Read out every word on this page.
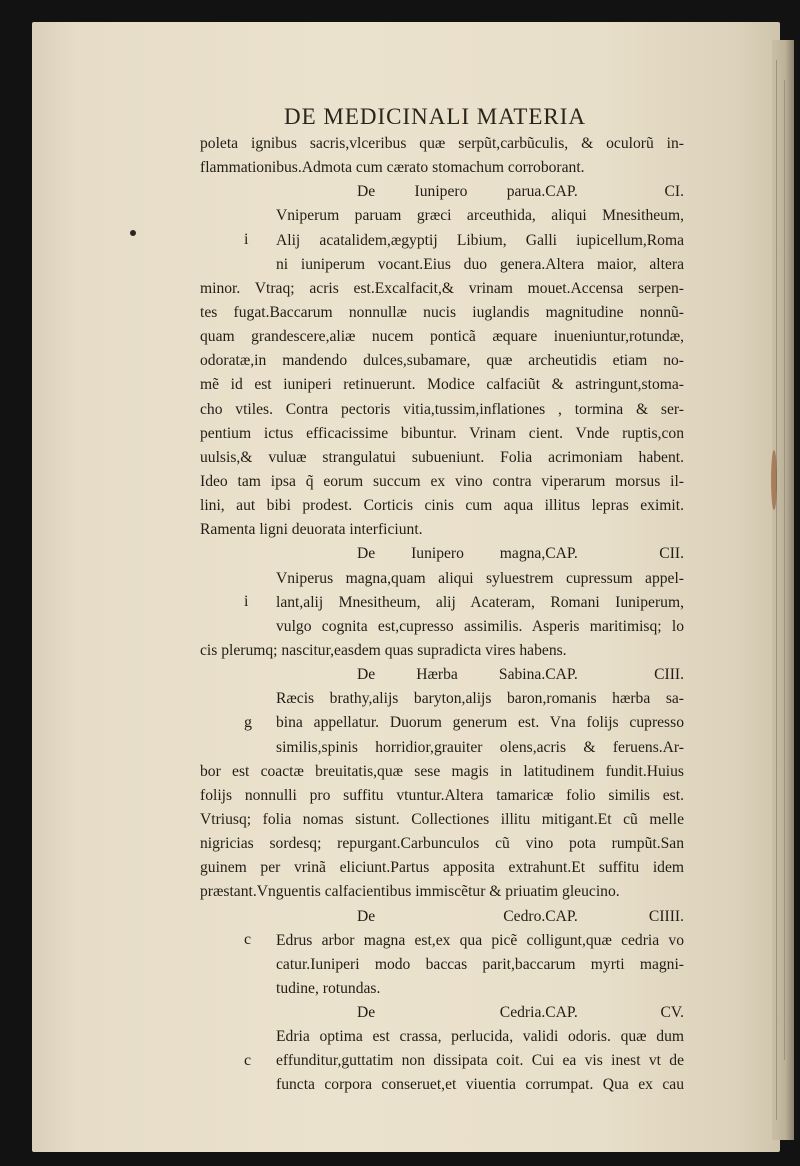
DE MEDICINALI MATERIA
poleta ignibus sacris,vlceribus quæ serpũt,carbũculis, & oculorũ in-
flammationibus.Admota cum cærato stomachum corroborant.
De Iunipero parua. CAP. CI.
Vniperum paruam græci arceuthida, aliqui Mnesitheum,
Alij acatalidem,ægyptij Libium, Galli iupicellum,Roma
ni iuniperum vocant.Eius duo genera.Altera maior, altera
minor. Vtraq; acris est.Excalfacit,& vrinam mouet.Accensa serpen-
tes fugat.Baccarum nonnullæ nucis iuglandis magnitudine nonnũ-
quam grandescere,aliæ nucem ponticã æquare inueniuntur,rotundæ,
odoratæ,in mandendo dulces,subamare, quæ archeutidis etiam no-
mẽ id est iuniperi retinuerunt. Modice calfaciũt & astringunt,stoma-
cho vtiles. Contra pectoris vitia,tussim,inflationes , tormina & ser-
pentium ictus efficacissime bibuntur. Vrinam cient. Vnde ruptis,con
uulsis,& vuluæ strangulatui subueniunt. Folia acrimoniam habent.
Ideo tam ipsa q̃ eorum succum ex vino contra viperarum morsus il-
lini, aut bibi prodest. Corticis cinis cum aqua illitus lepras eximit.
Ramenta ligni deuorata interficiunt.
De Iunipero magna, CAP. CII.
Vniperus magna,quam aliqui syluestrem cupressum appel-
lant,alij Mnesitheum, alij Acateram, Romani Iuniperum,
vulgo cognita est,cupresso assimilis. Asperis maritimisq; lo
cis plerumq; nascitur,easdem quas supradicta vires habens.
De Hærba Sabina. CAP. CIII.
Ræcis brathy,alijs baryton,alijs baron,romanis hærba sa-
bina appellatur. Duorum generum est. Vna folijs cupresso
similis,spinis horridior,grauiter olens,acris & feruens.Ar-
bor est coactæ breuitatis,quæ sese magis in latitudinem fundit.Huius
folijs nonnulli pro suffitu vtuntur.Altera tamaricæ folio similis est.
Vtriusq; folia nomas sistunt. Collectiones illitu mitigant.Et cũ melle
nigricias sordesq; repurgant.Carbunculos cũ vino pota rumpũt.San
guinem per vrinã eliciunt.Partus apposita extrahunt.Et suffitu idem
præstant.Vnguentis calfacientibus immiscẽtur & priuatim gleucino.
De Cedro. CAP. CIIII.
Edrus arbor magna est,ex qua picẽ colligunt,quæ cedria vo
catur.Iuniperi modo baccas parit,baccarum myrti magni-
tudine, rotundas.
De Cedria. CAP. CV.
Edria optima est crassa, perlucida, validi odoris. quæ dum
effunditur,guttatim non dissipata coit. Cui ea vis inest vt de
functa corpora conseruet,et viuentia corrumpat. Qua ex cau
i
i
g
c
c
